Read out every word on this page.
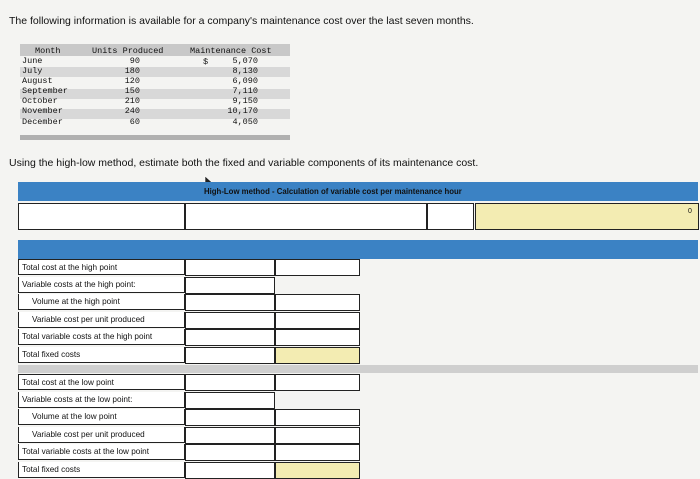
The following information is available for a company's maintenance cost over the last seven months.
Month	Units Produced	Maintenance Cost
$
June	90	5,070
July	180	8,130
August	120	6,090
September	150	7,110
October	210	9,150
November	240	10,170
December	60	4,050
Using the high-low method, estimate both the fixed and variable components of its maintenance cost.
High-Low method - Calculation of variable cost per maintenance hour
0
Total cost at the high point
Variable costs at the high point:
Volume at the high point
Variable cost per unit produced
Total variable costs at the high point
Total fixed costs
Total cost at the low point
Variable costs at the low point:
Volume at the low point
Variable cost per unit produced
Total variable costs at the low point
Total fixed costs
